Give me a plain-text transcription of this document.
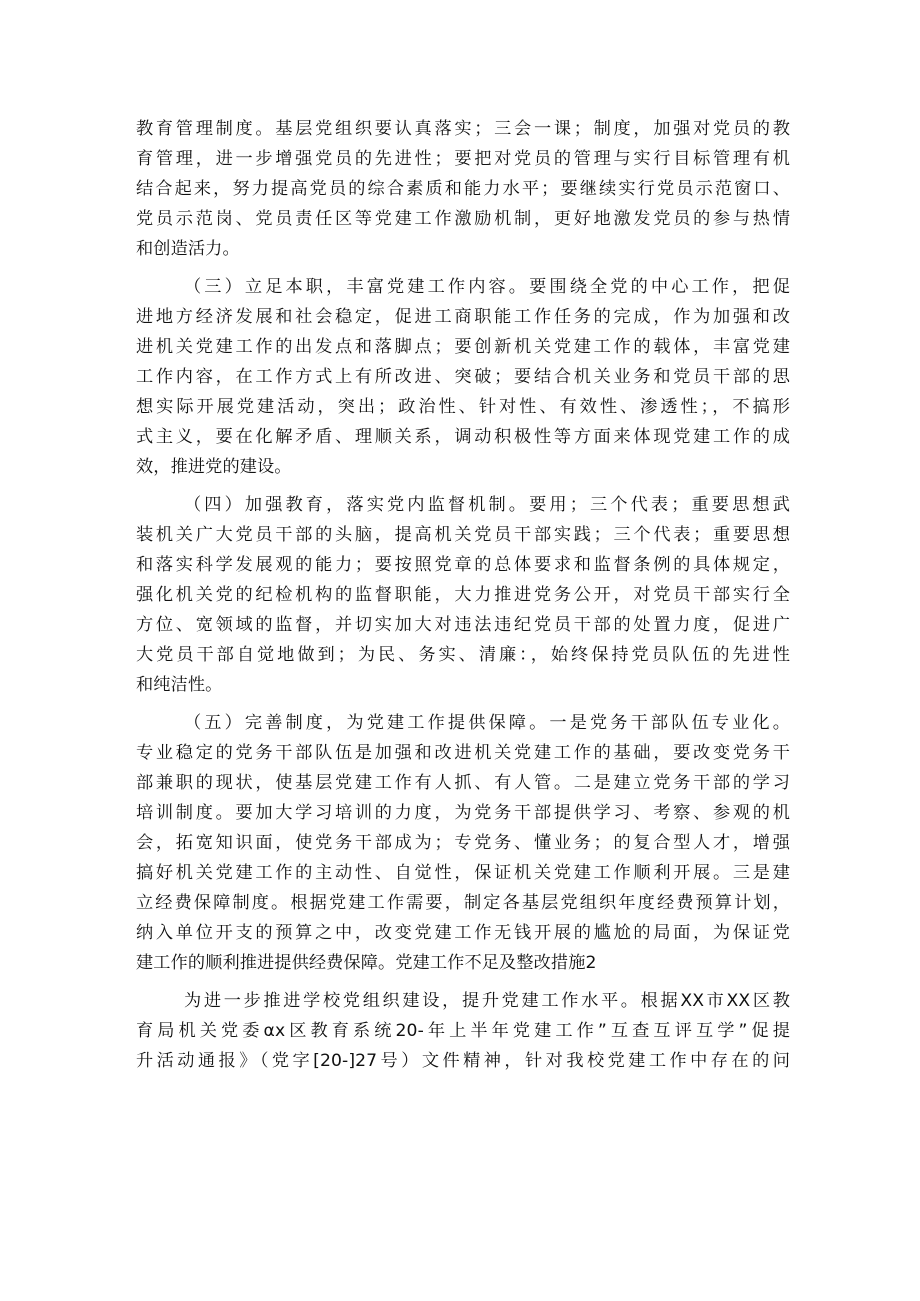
教育管理制度。基层党组织要认真落实；三会一课；制度，加强对党员的教
育管理，进一步增强党员的先进性；要把对党员的管理与实行目标管理有机
结合起来，努力提高党员的综合素质和能力水平；要继续实行党员示范窗口、
党员示范岗、党员责任区等党建工作激励机制，更好地激发党员的参与热情
和创造活力。
（三）立足本职，丰富党建工作内容。要围绕全党的中心工作，把促
进地方经济发展和社会稳定，促进工商职能工作任务的完成，作为加强和改
进机关党建工作的出发点和落脚点；要创新机关党建工作的载体，丰富党建
工作内容，在工作方式上有所改进、突破；要结合机关业务和党员干部的思
想实际开展党建活动，突出；政治性、针对性、有效性、渗透性；，不搞形
式主义，要在化解矛盾、理顺关系，调动积极性等方面来体现党建工作的成
效，推进党的建设。
（四）加强教育，落实党内监督机制。要用；三个代表；重要思想武
装机关广大党员干部的头脑，提高机关党员干部实践；三个代表；重要思想
和落实科学发展观的能力；要按照党章的总体要求和监督条例的具体规定，
强化机关党的纪检机构的监督职能，大力推进党务公开，对党员干部实行全
方位、宽领域的监督，并切实加大对违法违纪党员干部的处置力度，促进广
大党员干部自觉地做到；为民、务实、清廉：，始终保持党员队伍的先进性
和纯洁性。
（五）完善制度，为党建工作提供保障。一是党务干部队伍专业化。
专业稳定的党务干部队伍是加强和改进机关党建工作的基础，要改变党务干
部兼职的现状，使基层党建工作有人抓、有人管。二是建立党务干部的学习
培训制度。要加大学习培训的力度，为党务干部提供学习、考察、参观的机
会，拓宽知识面，使党务干部成为；专党务、懂业务；的复合型人才，增强
搞好机关党建工作的主动性、自觉性，保证机关党建工作顺利开展。三是建
立经费保障制度。根据党建工作需要，制定各基层党组织年度经费预算计划，
纳入单位开支的预算之中，改变党建工作无钱开展的尴尬的局面，为保证党
建工作的顺利推进提供经费保障。党建工作不足及整改措施2
为进一步推进学校党组织建设，提升党建工作水平。根据XX市XX区教
育局机关党委αx区教育系统20-年上半年党建工作”互查互评互学”促提
升活动通报》（党字[20-]27号）文件精神，针对我校党建工作中存在的问
